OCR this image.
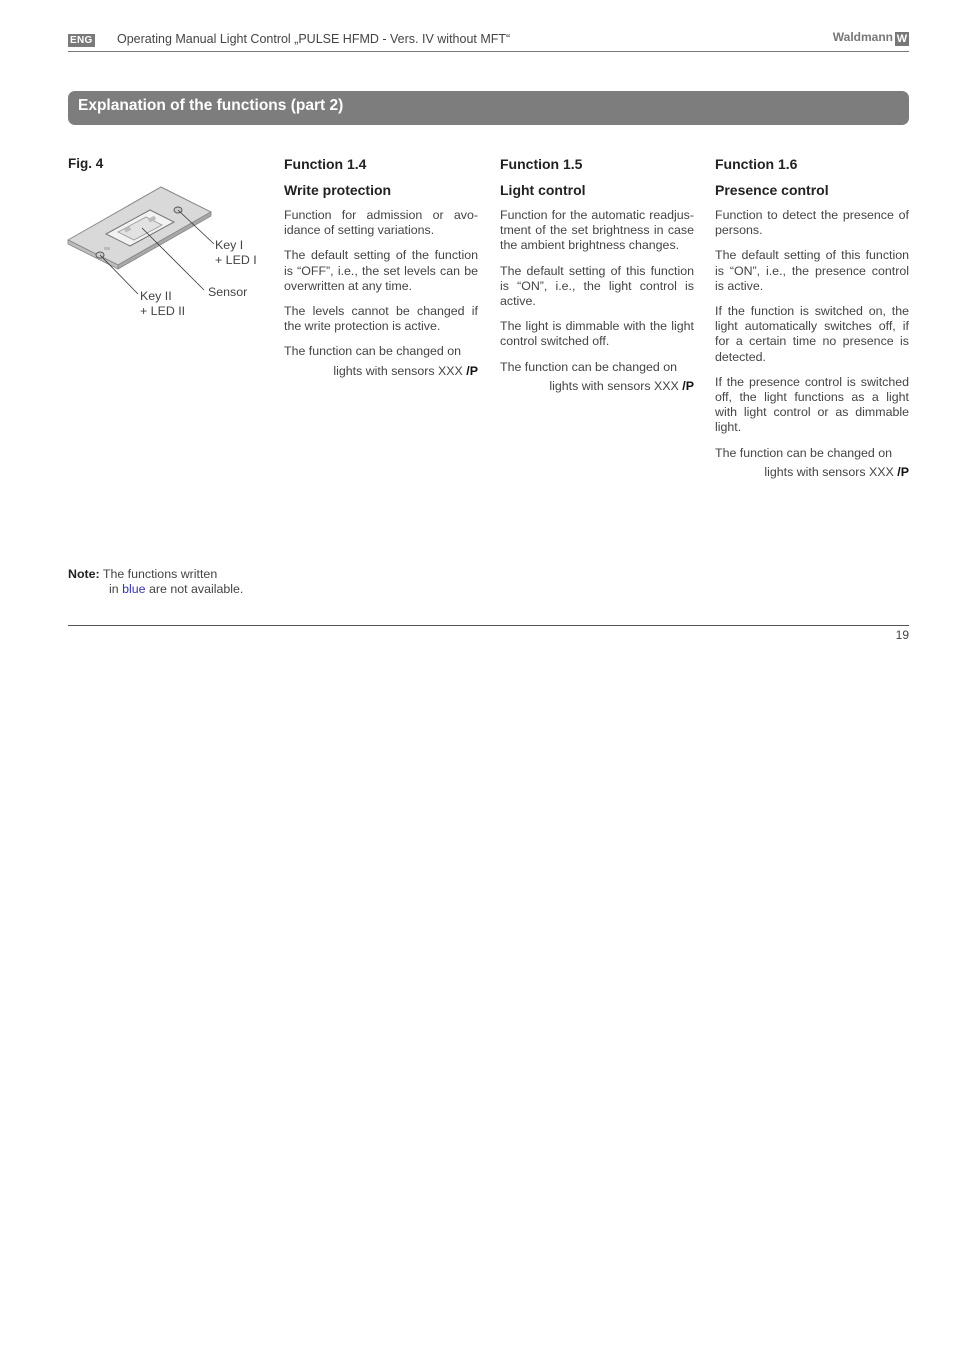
ENG Operating Manual Light Control „PULSE HFMD - Vers. IV without MFT“	Waldmann W
Explanation of the functions (part 2)
Fig. 4
Key I
+ LED I
Sensor
Key II
+ LED II
Function 1.4
Write protection

Function for admission or avo-idance of setting variations.

The default setting of the function is “OFF”, i.e., the set levels can be overwritten at any time.

The levels cannot be changed if the write protection is active.

The function can be changed on

lights with sensors XXX /P

Function 1.5
Light control

Function for the automatic readjus-tment of the set brightness in case the ambient brightness changes.

The default setting of this function is “ON”, i.e., the light control is active.

The light is dimmable with the light control switched off.

The function can be changed on

lights with sensors XXX /P

Function 1.6
Presence control

Function to detect the presence of persons.

The default setting of this function is “ON”, i.e., the presence control is active.

If the function is switched on, the light automatically switches off, if for a certain time no presence is detected.

If the presence control is switched off, the light functions as a light with light control or as dimmable light.

The function can be changed on

lights with sensors XXX /P

Note: The functions written
in blue are not available.
19
